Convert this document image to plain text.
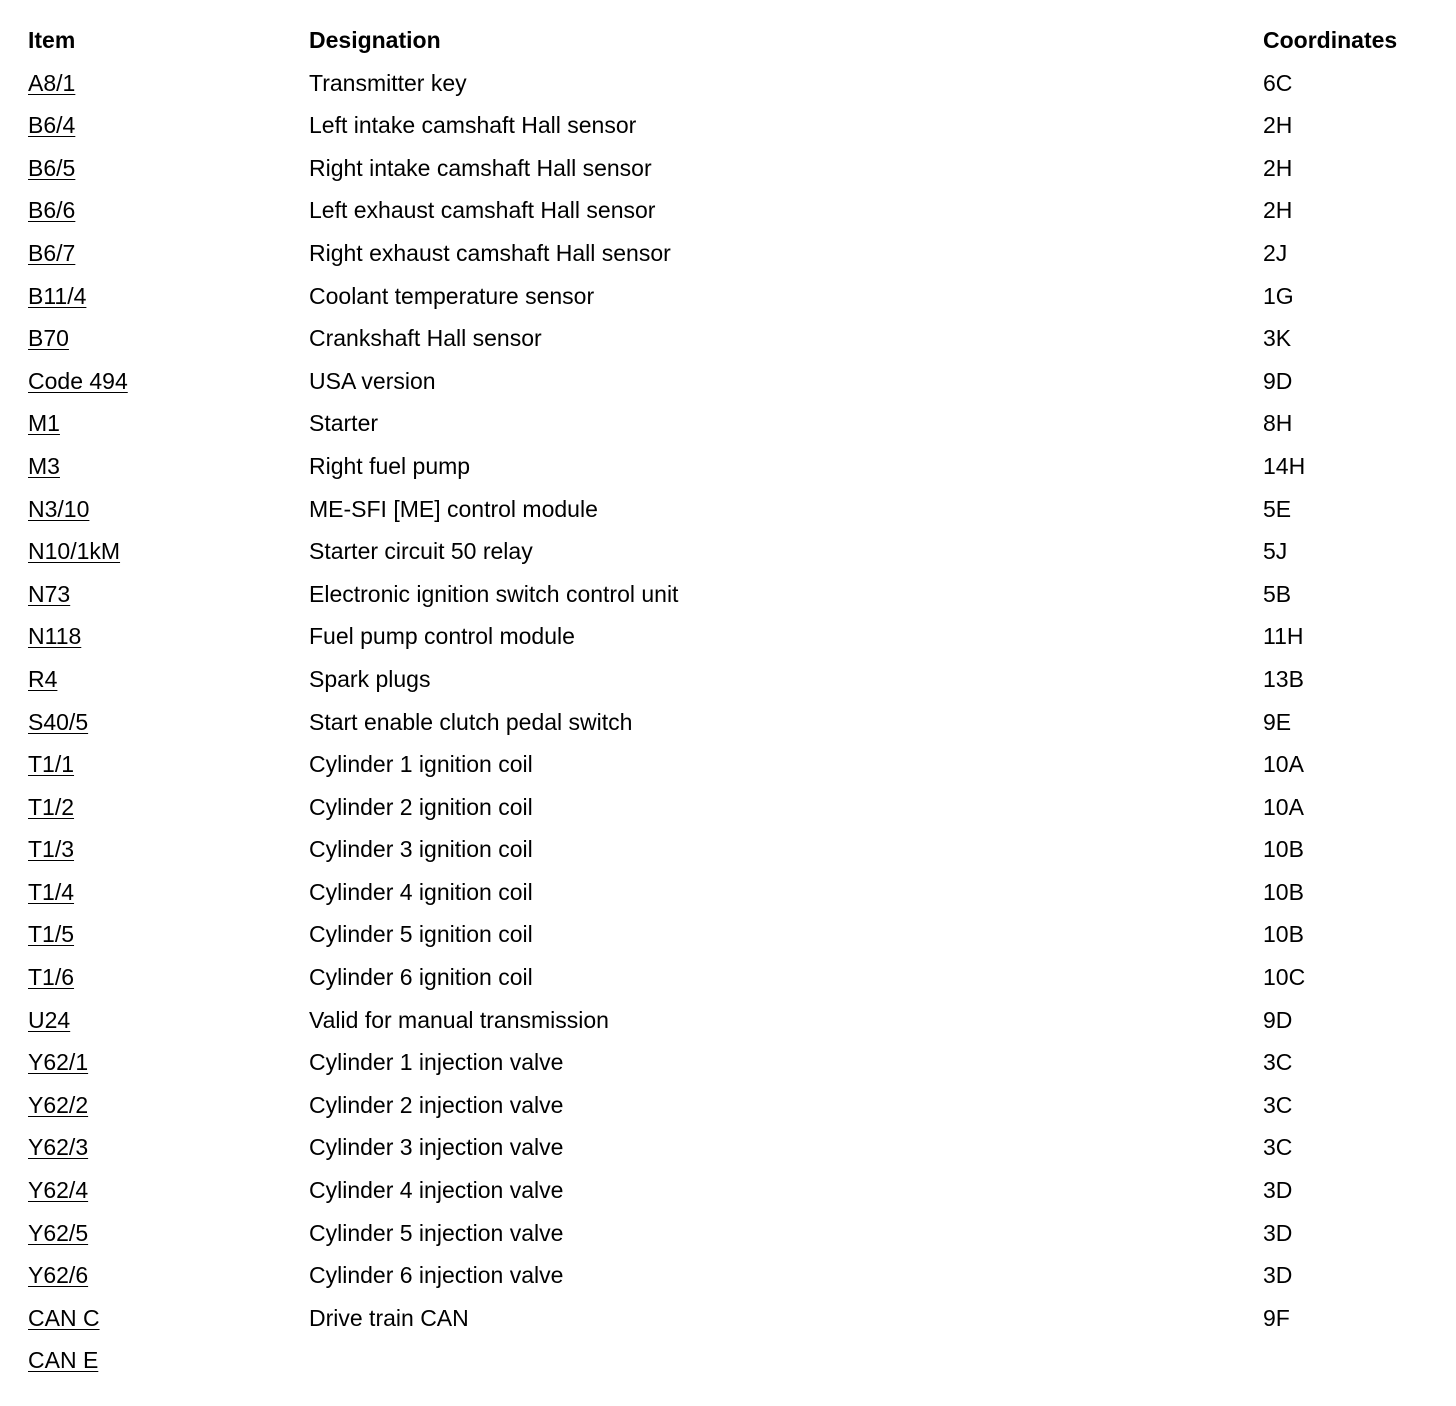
Item	Designation	Coordinates
A8/1	Transmitter key	6C
B6/4	Left intake camshaft Hall sensor	2H
B6/5	Right intake camshaft Hall sensor	2H
B6/6	Left exhaust camshaft Hall sensor	2H
B6/7	Right exhaust camshaft Hall sensor	2J
B11/4	Coolant temperature sensor	1G
B70	Crankshaft Hall sensor	3K
Code 494	USA version	9D
M1	Starter	8H
M3	Right fuel pump	14H
N3/10	ME-SFI [ME] control module	5E
N10/1kM	Starter circuit 50 relay	5J
N73	Electronic ignition switch control unit	5B
N118	Fuel pump control module	11H
R4	Spark plugs	13B
S40/5	Start enable clutch pedal switch	9E
T1/1	Cylinder 1 ignition coil	10A
T1/2	Cylinder 2 ignition coil	10A
T1/3	Cylinder 3 ignition coil	10B
T1/4	Cylinder 4 ignition coil	10B
T1/5	Cylinder 5 ignition coil	10B
T1/6	Cylinder 6 ignition coil	10C
U24	Valid for manual transmission	9D
Y62/1	Cylinder 1 injection valve	3C
Y62/2	Cylinder 2 injection valve	3C
Y62/3	Cylinder 3 injection valve	3C
Y62/4	Cylinder 4 injection valve	3D
Y62/5	Cylinder 5 injection valve	3D
Y62/6	Cylinder 6 injection valve	3D
CAN C	Drive train CAN	9F
CAN E
